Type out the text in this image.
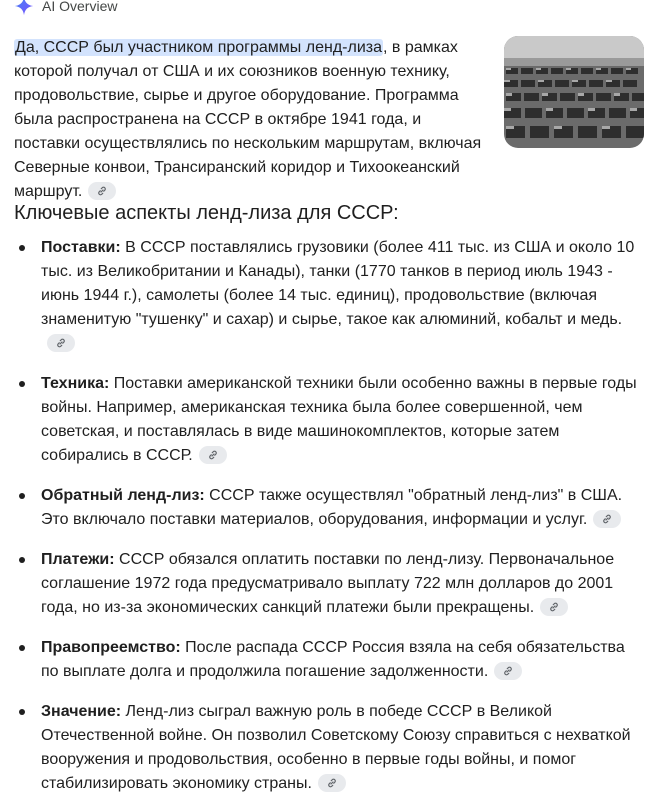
AI Overview
Да, СССР был участником программы ленд-лиза, в рамках которой получал от США и их союзников военную технику, продовольствие, сырье и другое оборудование. Программа была распространена на СССР в октябре 1941 года, и поставки осуществлялись по нескольким маршрутам, включая Северные конвои, Трансиранский коридор и Тихоокеанский маршрут.
Ключевые аспекты ленд-лиза для СССР:
Поставки: В СССР поставлялись грузовики (более 411 тыс. из США и около 10 тыс. из Великобритании и Канады), танки (1770 танков в период июль 1943 - июнь 1944 г.), самолеты (более 14 тыс. единиц), продовольствие (включая знаменитую "тушенку" и сахар) и сырье, такое как алюминий, кобальт и медь.
Техника: Поставки американской техники были особенно важны в первые годы войны. Например, американская техника была более совершенной, чем советская, и поставлялась в виде машинокомплектов, которые затем собирались в СССР.
Обратный ленд-лиз: СССР также осуществлял "обратный ленд-лиз" в США. Это включало поставки материалов, оборудования, информации и услуг.
Платежи: СССР обязался оплатить поставки по ленд-лизу. Первоначальное соглашение 1972 года предусматривало выплату 722 млн долларов до 2001 года, но из-за экономических санкций платежи были прекращены.
Правопреемство: После распада СССР Россия взяла на себя обязательства по выплате долга и продолжила погашение задолженности.
Значение: Ленд-лиз сыграл важную роль в победе СССР в Великой Отечественной войне. Он позволил Советскому Союзу справиться с нехваткой вооружения и продовольствия, особенно в первые годы войны, и помог стабилизировать экономику страны.
